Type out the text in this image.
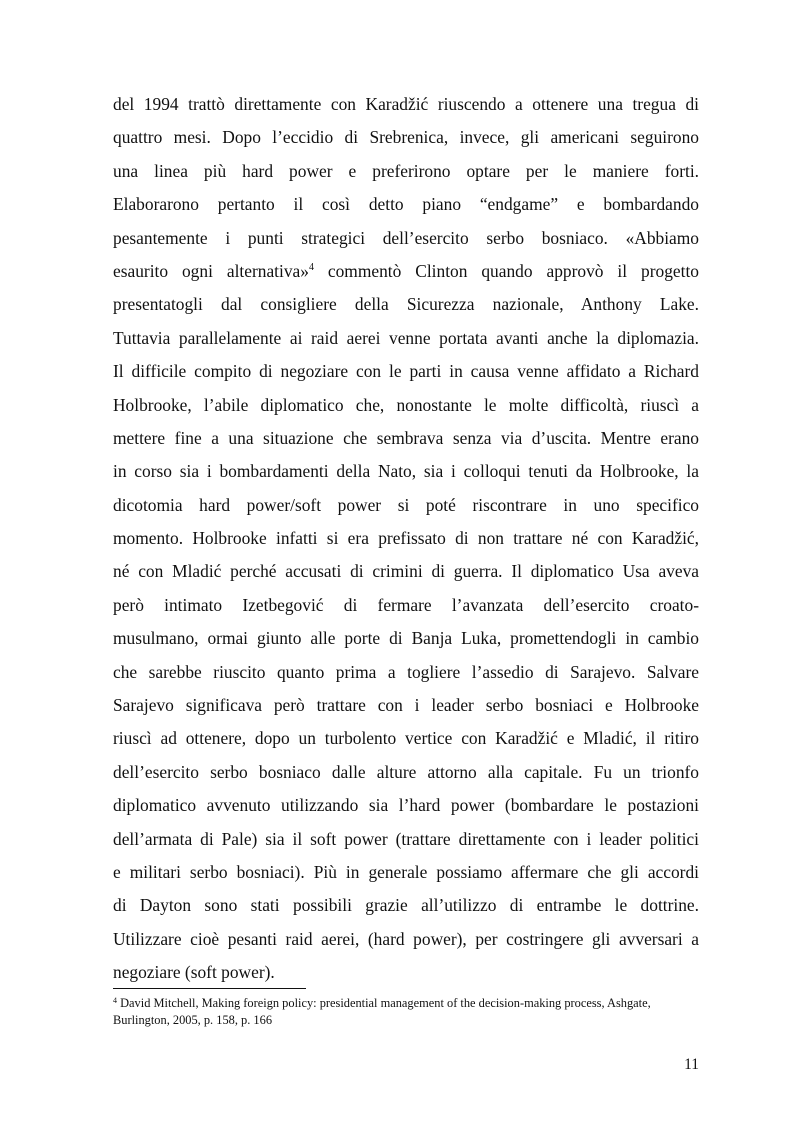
del 1994 trattò direttamente con Karadžić riuscendo a ottenere una tregua di
quattro mesi. Dopo l’eccidio di Srebrenica, invece, gli americani seguirono
una linea più hard power e preferirono optare per le maniere forti.
Elaborarono pertanto il così detto piano “endgame” e bombardando
pesantemente i punti strategici dell’esercito serbo bosniaco. «Abbiamo
esaurito ogni alternativa»$^4$ commentò Clinton quando approvò il progetto
presentatogli dal consigliere della Sicurezza nazionale, Anthony Lake.
Tuttavia parallelamente ai raid aerei venne portata avanti anche la diplomazia.
Il difficile compito di negoziare con le parti in causa venne affidato a Richard
Holbrooke, l’abile diplomatico che, nonostante le molte difficoltà, riuscì a
mettere fine a una situazione che sembrava senza via d’uscita. Mentre erano
in corso sia i bombardamenti della Nato, sia i colloqui tenuti da Holbrooke, la
dicotomia hard power/soft power si poté riscontrare in uno specifico
momento. Holbrooke infatti si era prefissato di non trattare né con Karadžić,
né con Mladić perché accusati di crimini di guerra. Il diplomatico Usa aveva
però intimato Izetbegović di fermare l’avanzata dell’esercito croato-
musulmano, ormai giunto alle porte di Banja Luka, promettendogli in cambio
che sarebbe riuscito quanto prima a togliere l’assedio di Sarajevo. Salvare
Sarajevo significava però trattare con i leader serbo bosniaci e Holbrooke
riuscì ad ottenere, dopo un turbolento vertice con Karadžić e Mladić, il ritiro
dell’esercito serbo bosniaco dalle alture attorno alla capitale. Fu un trionfo
diplomatico avvenuto utilizzando sia l’hard power (bombardare le postazioni
dell’armata di Pale) sia il soft power (trattare direttamente con i leader politici
e militari serbo bosniaci). Più in generale possiamo affermare che gli accordi
di Dayton sono stati possibili grazie all’utilizzo di entrambe le dottrine.
Utilizzare cioè pesanti raid aerei, (hard power), per costringere gli avversari a
negoziare (soft power).
$^4$ David Mitchell, Making foreign policy: presidential management of the decision-making process, Ashgate,
Burlington, 2005, p. 158, p. 166
11
